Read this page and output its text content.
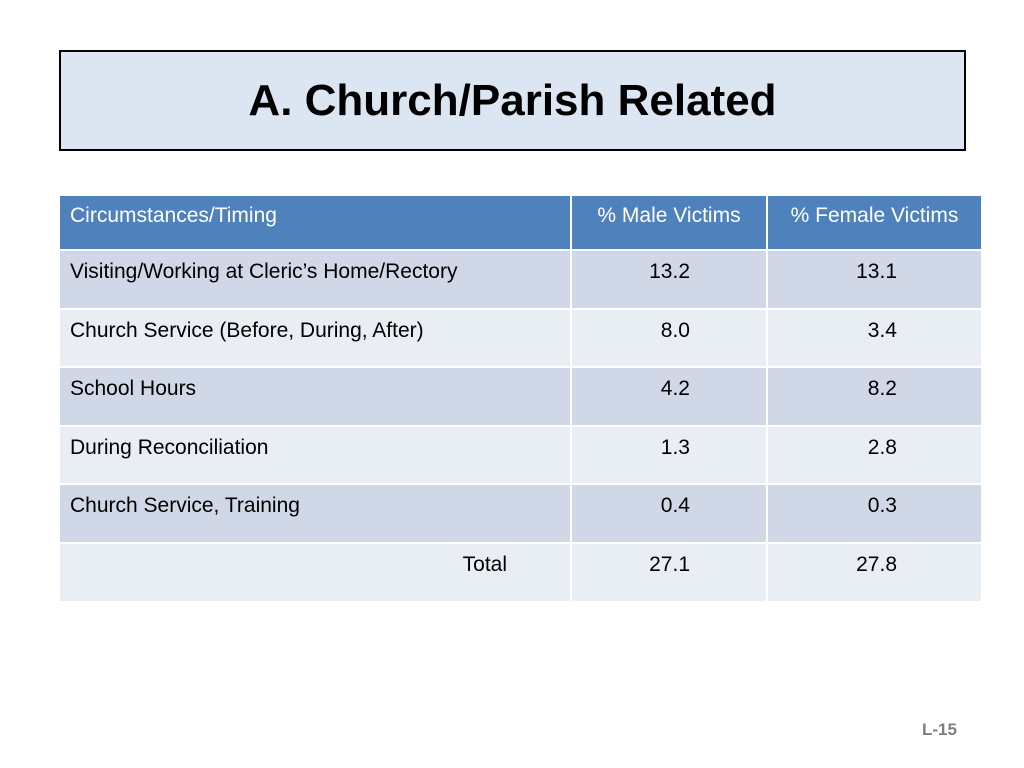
A. Church/Parish Related
Circumstances/Timing	% Male Victims	% Female Victims
Visiting/Working at Cleric’s Home/Rectory	13.2	13.1
Church Service (Before, During, After)	8.0	3.4
School Hours	4.2	8.2
During Reconciliation	1.3	2.8
Church Service, Training	0.4	0.3
Total	27.1	27.8
L-15
